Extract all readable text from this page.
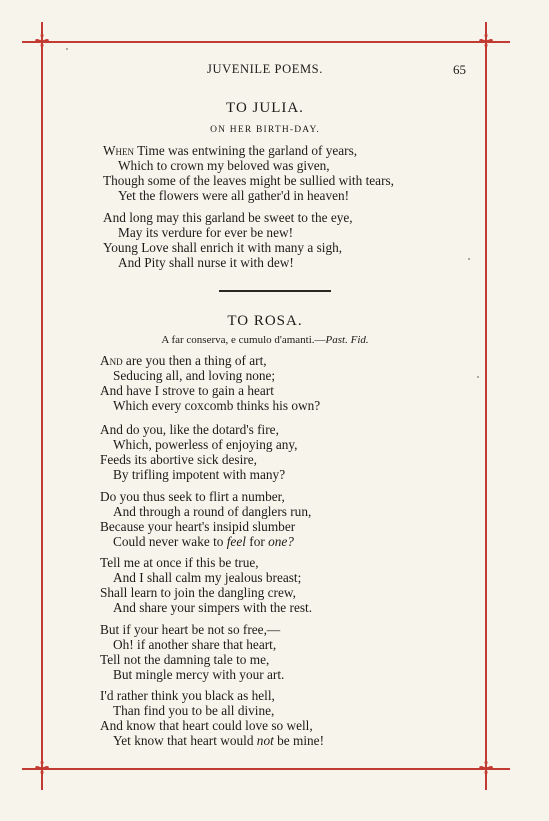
✢	✢
✢	✢
JUVENILE POEMS.	65
TO JULIA.
ON HER BIRTH-DAY.
When Time was entwining the garland of years,
Which to crown my beloved was given,
Though some of the leaves might be sullied with tears,
Yet the flowers were all gather'd in heaven!
And long may this garland be sweet to the eye,
May its verdure for ever be new!
Young Love shall enrich it with many a sigh,
And Pity shall nurse it with dew!
TO ROSA.
A far conserva, e cumulo d'amanti.—Past. Fid.
And are you then a thing of art,
Seducing all, and loving none;
And have I strove to gain a heart
Which every coxcomb thinks his own?
And do you, like the dotard's fire,
Which, powerless of enjoying any,
Feeds its abortive sick desire,
By trifling impotent with many?
Do you thus seek to flirt a number,
And through a round of danglers run,
Because your heart's insipid slumber
Could never wake to feel for one?
Tell me at once if this be true,
And I shall calm my jealous breast;
Shall learn to join the dangling crew,
And share your simpers with the rest.
But if your heart be not so free,—
Oh! if another share that heart,
Tell not the damning tale to me,
But mingle mercy with your art.
I'd rather think you black as hell,
Than find you to be all divine,
And know that heart could love so well,
Yet know that heart would not be mine!
